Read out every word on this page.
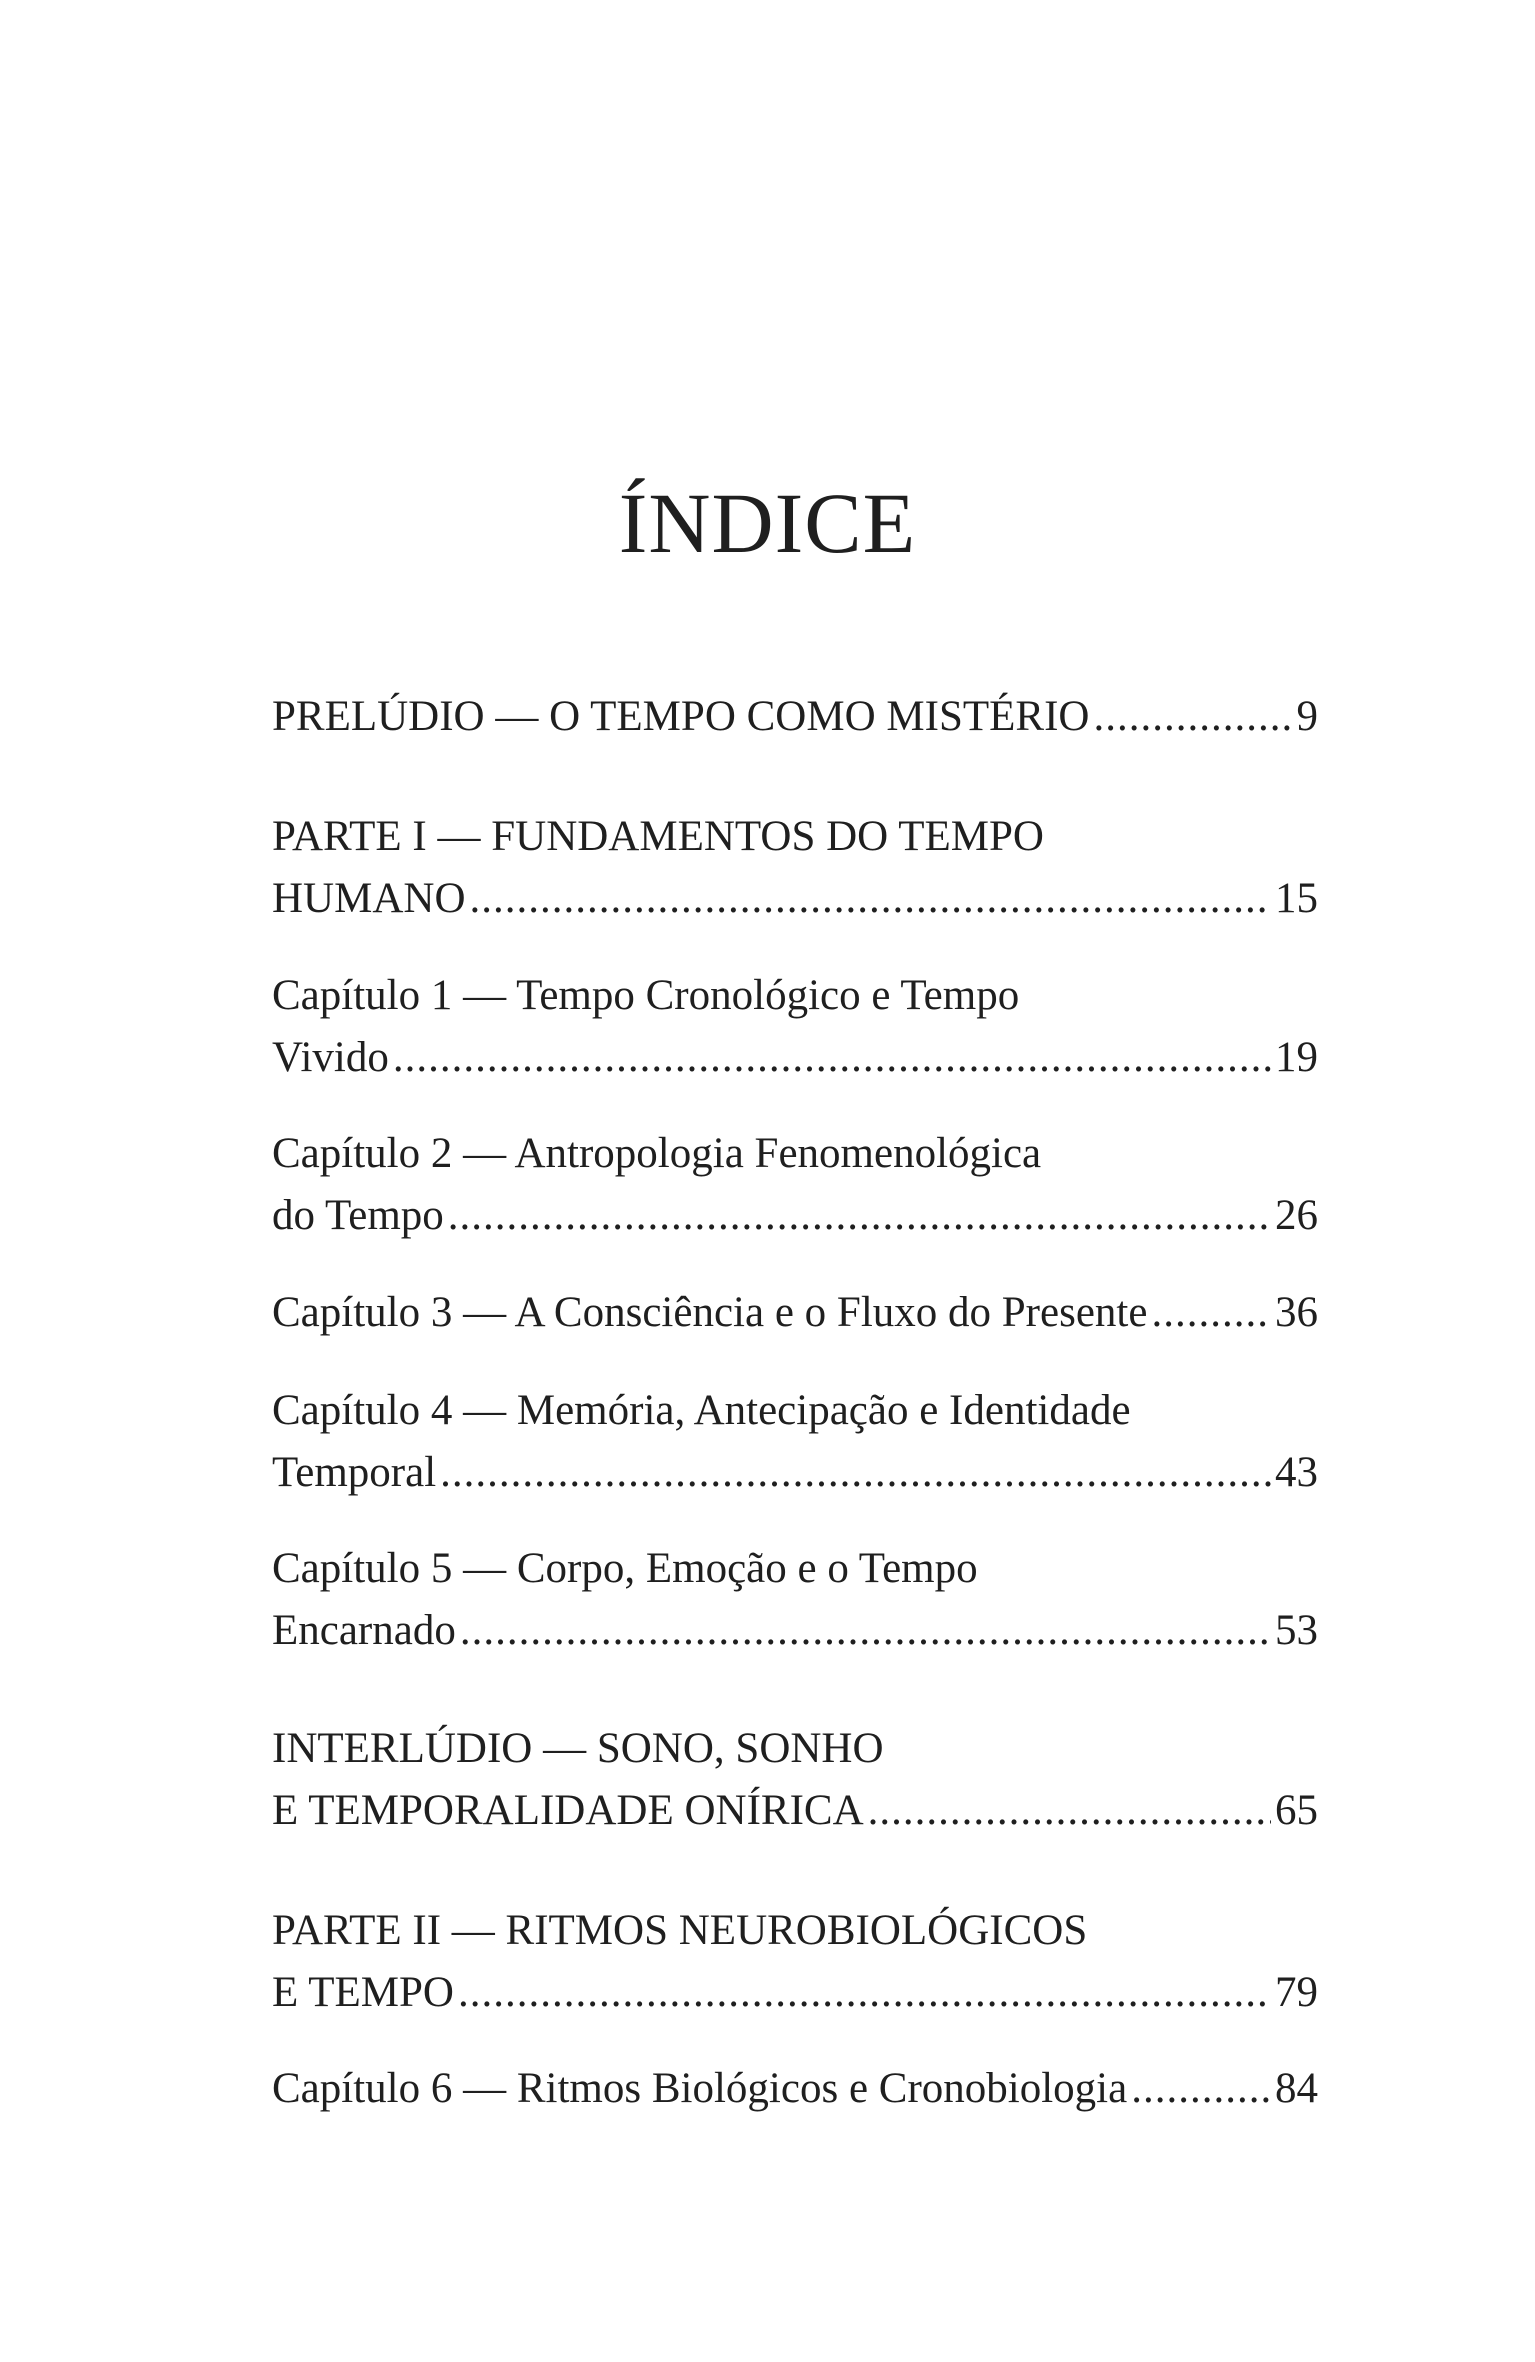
ÍNDICE
PRELÚDIO — O TEMPO COMO MISTÉRIO .....	9
PARTE I — FUNDAMENTOS DO TEMPO
HUMANO .....	15
Capítulo 1 — Tempo Cronológico e Tempo
Vivido .....	19
Capítulo 2 — Antropologia Fenomenológica
do Tempo .....	26
Capítulo 3 — A Consciência e o Fluxo do Presente .....	36
Capítulo 4 — Memória, Antecipação e Identidade
Temporal .....	43
Capítulo 5 — Corpo, Emoção e o Tempo
Encarnado .....	53
INTERLÚDIO — SONO, SONHO
E TEMPORALIDADE ONÍRICA .....	65
PARTE II — RITMOS NEUROBIOLÓGICOS
E TEMPO .....	79
Capítulo 6 — Ritmos Biológicos e Cronobiologia .....	84
